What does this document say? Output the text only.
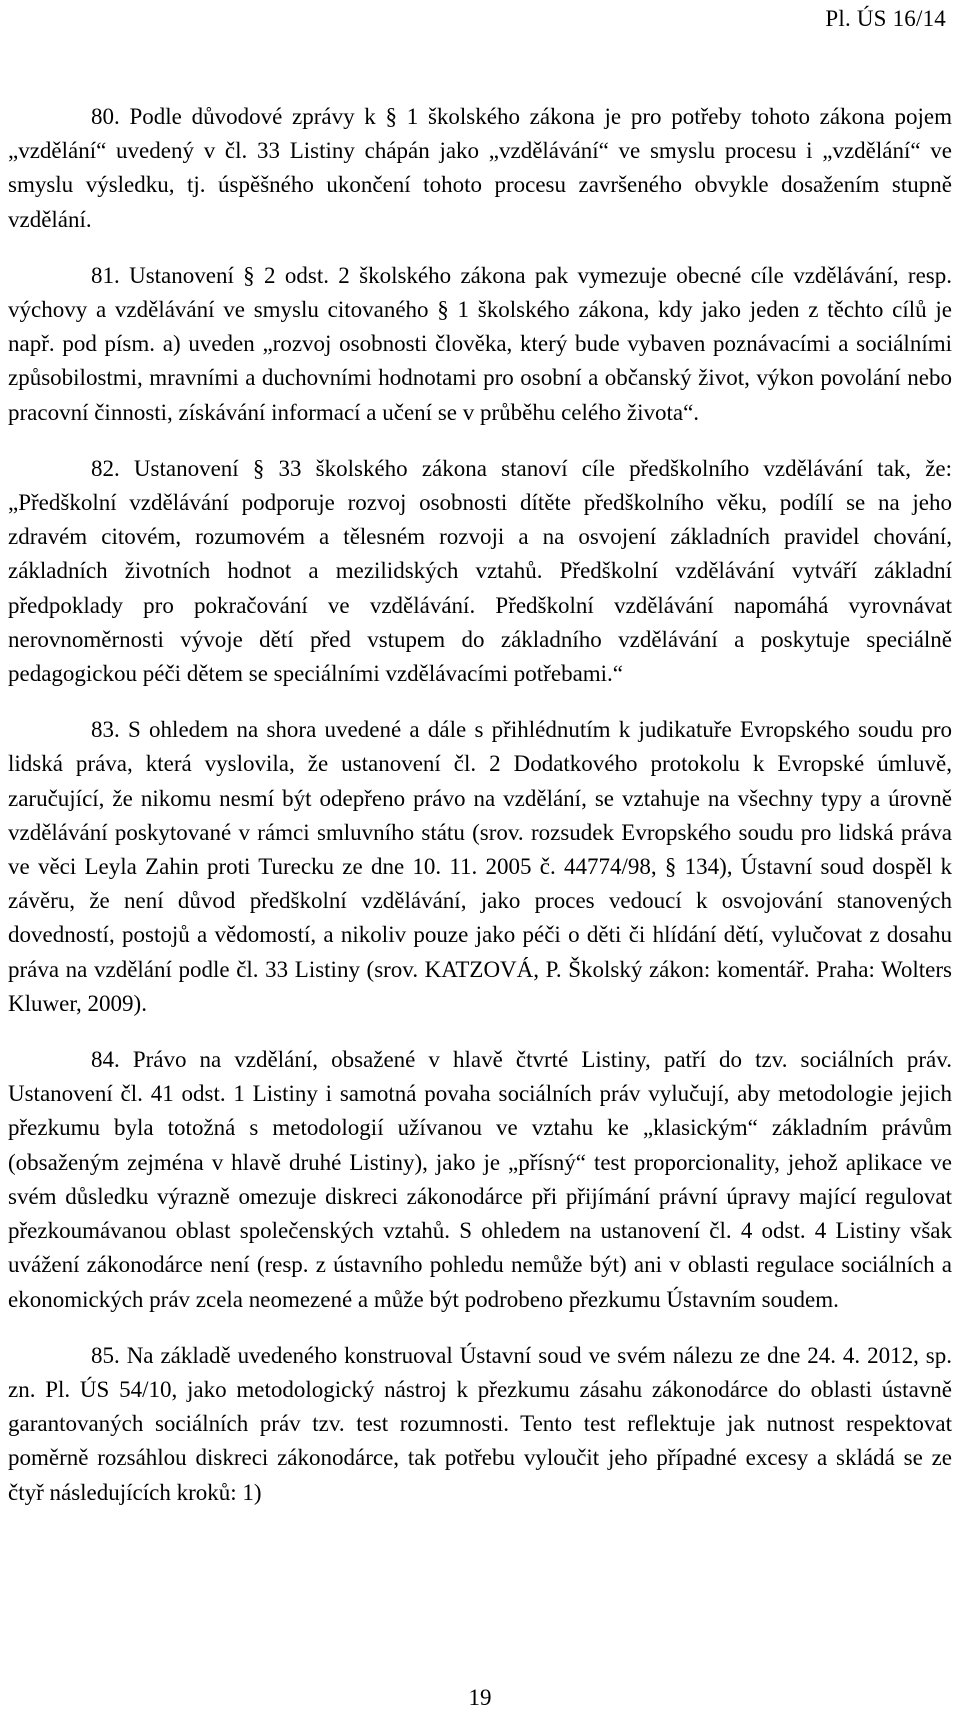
Pl. ÚS 16/14

80. Podle důvodové zprávy k § 1 školského zákona je pro potřeby tohoto zákona pojem „vzdělání“ uvedený v čl. 33 Listiny chápán jako „vzdělávání“ ve smyslu procesu i „vzdělání“ ve smyslu výsledku, tj. úspěšného ukončení tohoto procesu završeného obvykle dosažením stupně vzdělání.

81. Ustanovení § 2 odst. 2 školského zákona pak vymezuje obecné cíle vzdělávání, resp. výchovy a vzdělávání ve smyslu citovaného § 1 školského zákona, kdy jako jeden z těchto cílů je např. pod písm. a) uveden „rozvoj osobnosti člověka, který bude vybaven poznávacími a sociálními způsobilostmi, mravními a duchovními hodnotami pro osobní a občanský život, výkon povolání nebo pracovní činnosti, získávání informací a učení se v průběhu celého života“.

82. Ustanovení § 33 školského zákona stanoví cíle předškolního vzdělávání tak, že: „Předškolní vzdělávání podporuje rozvoj osobnosti dítěte předškolního věku, podílí se na jeho zdravém citovém, rozumovém a tělesném rozvoji a na osvojení základních pravidel chování, základních životních hodnot a mezilidských vztahů. Předškolní vzdělávání vytváří základní předpoklady pro pokračování ve vzdělávání. Předškolní vzdělávání napomáhá vyrovnávat nerovnoměrnosti vývoje dětí před vstupem do základního vzdělávání a poskytuje speciálně pedagogickou péči dětem se speciálními vzdělávacími potřebami.“

83. S ohledem na shora uvedené a dále s přihlédnutím k judikatuře Evropského soudu pro lidská práva, která vyslovila, že ustanovení čl. 2 Dodatkového protokolu k Evropské úmluvě, zaručující, že nikomu nesmí být odepřeno právo na vzdělání, se vztahuje na všechny typy a úrovně vzdělávání poskytované v rámci smluvního státu (srov. rozsudek Evropského soudu pro lidská práva ve věci Leyla Zahin proti Turecku ze dne 10. 11. 2005 č. 44774/98, § 134), Ústavní soud dospěl k závěru, že není důvod předškolní vzdělávání, jako proces vedoucí k osvojování stanovených dovedností, postojů a vědomostí, a nikoliv pouze jako péči o děti či hlídání dětí, vylučovat z dosahu práva na vzdělání podle čl. 33 Listiny (srov. KATZOVÁ, P. Školský zákon: komentář. Praha: Wolters Kluwer, 2009).

84. Právo na vzdělání, obsažené v hlavě čtvrté Listiny, patří do tzv. sociálních práv. Ustanovení čl. 41 odst. 1 Listiny i samotná povaha sociálních práv vylučují, aby metodologie jejich přezkumu byla totožná s metodologií užívanou ve vztahu ke „klasickým“ základním právům (obsaženým zejména v hlavě druhé Listiny), jako je „přísný“ test proporcionality, jehož aplikace ve svém důsledku výrazně omezuje diskreci zákonodárce při přijímání právní úpravy mající regulovat přezkoumávanou oblast společenských vztahů. S ohledem na ustanovení čl. 4 odst. 4 Listiny však uvážení zákonodárce není (resp. z ústavního pohledu nemůže být) ani v oblasti regulace sociálních a ekonomických práv zcela neomezené a může být podrobeno přezkumu Ústavním soudem.

85. Na základě uvedeného konstruoval Ústavní soud ve svém nálezu ze dne 24. 4. 2012, sp. zn. Pl. ÚS 54/10, jako metodologický nástroj k přezkumu zásahu zákonodárce do oblasti ústavně garantovaných sociálních práv tzv. test rozumnosti. Tento test reflektuje jak nutnost respektovat poměrně rozsáhlou diskreci zákonodárce, tak potřebu vyloučit jeho případné excesy a skládá se ze čtyř následujících kroků: 1)

19
